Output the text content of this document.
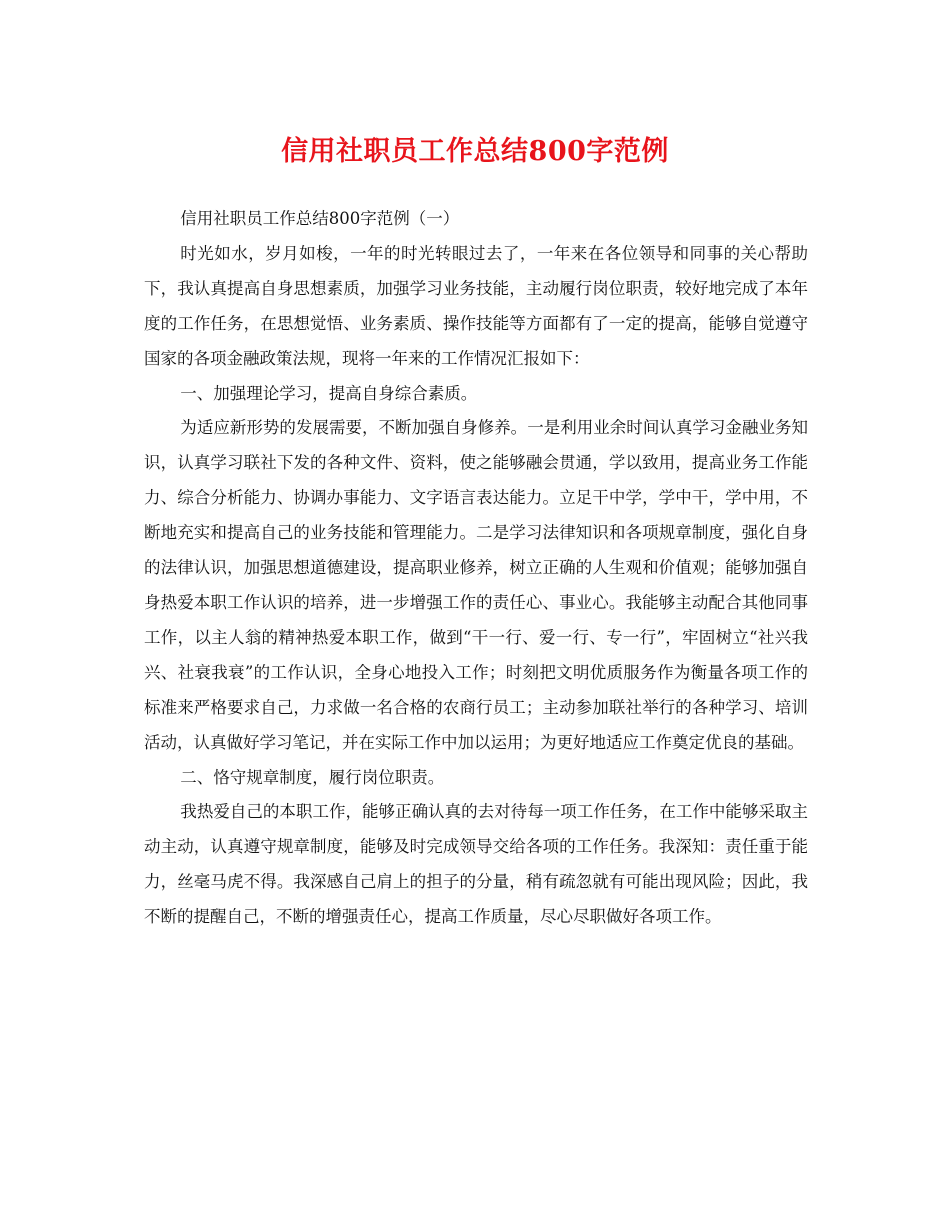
信用社职员工作总结800字范例

信用社职员工作总结800字范例（一）

时光如水，岁月如梭，一年的时光转眼过去了，一年来在各位领导和同事的关心帮助下，我认真提高自身思想素质，加强学习业务技能，主动履行岗位职责，较好地完成了本年度的工作任务，在思想觉悟、业务素质、操作技能等方面都有了一定的提高，能够自觉遵守国家的各项金融政策法规，现将一年来的工作情况汇报如下：

一、加强理论学习，提高自身综合素质。

为适应新形势的发展需要，不断加强自身修养。一是利用业余时间认真学习金融业务知识，认真学习联社下发的各种文件、资料，使之能够融会贯通，学以致用，提高业务工作能力、综合分析能力、协调办事能力、文字语言表达能力。立足干中学，学中干，学中用，不断地充实和提高自己的业务技能和管理能力。二是学习法律知识和各项规章制度，强化自身的法律认识，加强思想道德建设，提高职业修养，树立正确的人生观和价值观；能够加强自身热爱本职工作认识的培养，进一步增强工作的责任心、事业心。我能够主动配合其他同事工作，以主人翁的精神热爱本职工作，做到“干一行、爱一行、专一行”，牢固树立“社兴我兴、社衰我衰”的工作认识，全身心地投入工作；时刻把文明优质服务作为衡量各项工作的标准来严格要求自己，力求做一名合格的农商行员工；主动参加联社举行的各种学习、培训活动，认真做好学习笔记，并在实际工作中加以运用；为更好地适应工作奠定优良的基础。

二、恪守规章制度，履行岗位职责。

我热爱自己的本职工作，能够正确认真的去对待每一项工作任务，在工作中能够采取主动主动，认真遵守规章制度，能够及时完成领导交给各项的工作任务。我深知：责任重于能力，丝毫马虎不得。我深感自己肩上的担子的分量，稍有疏忽就有可能出现风险；因此，我不断的提醒自己，不断的增强责任心，提高工作质量，尽心尽职做好各项工作。
